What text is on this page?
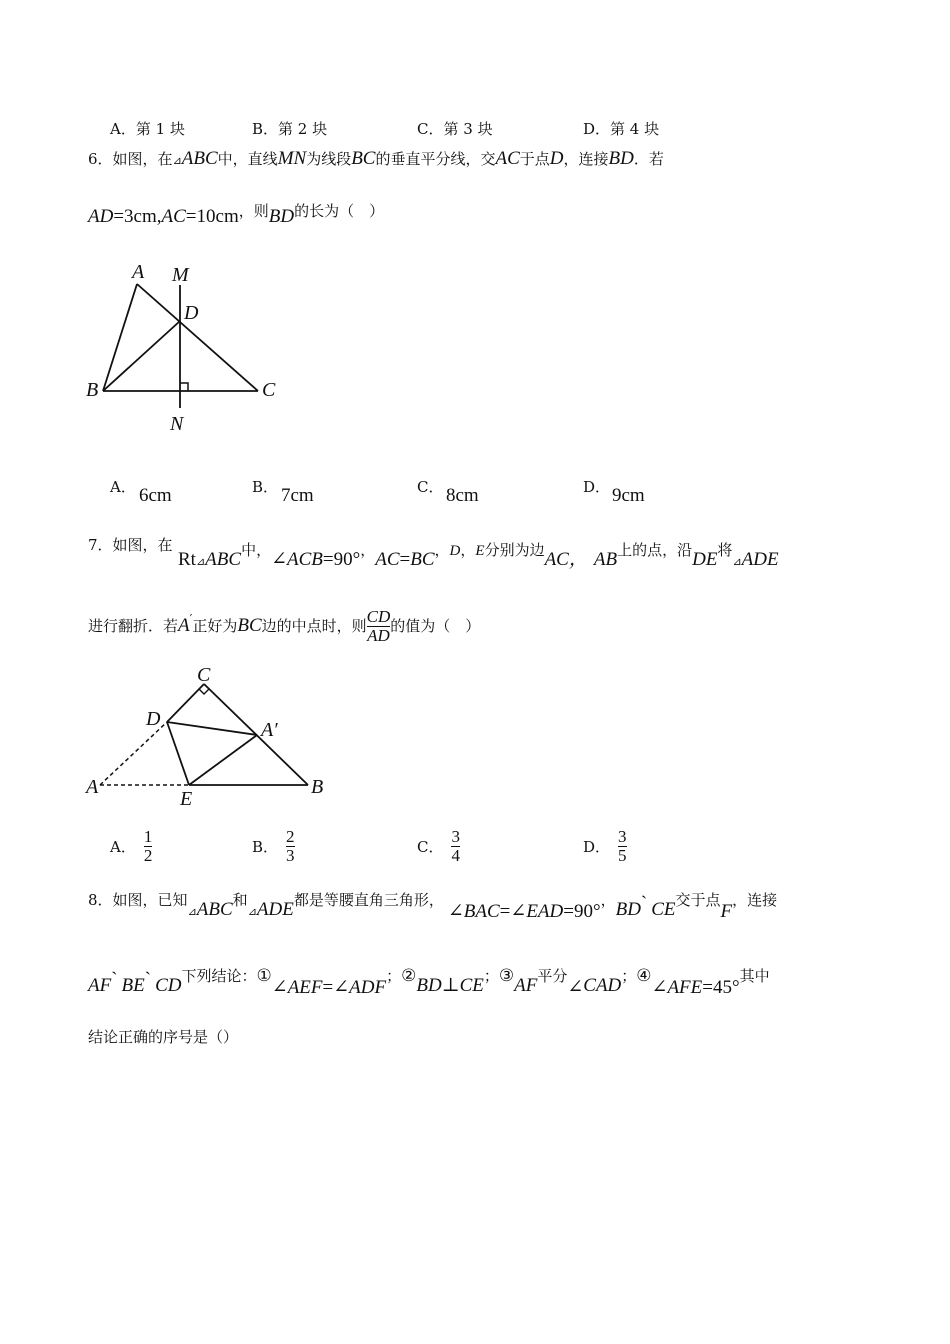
A．第 1 块	B．第 2 块	C．第 3 块	D．第 4 块
6．如图，在⊿ABC中，直线MN为线段BC的垂直平分线，交AC于点D，连接BD．若
AD=3cm,AC=10cm，则BD的长为（　）
A M
D
B	C
N
A． 6cm	B． 7cm	C． 8cm	D． 9cm
7．如图，在
Rt⊿ABC中，∠ACB=90°，AC=BC，D，E分别为边AC， AB上的点，沿DE将⊿ADE
进行翻折．若A′正好为BC边的中点时，则 $\frac{CD}{AD}$ 的值为（　）
C
D	A′
A
E
B
A． $\frac{1}{2}$	B． $\frac{2}{3}$	C． $\frac{3}{4}$	D． $\frac{3}{5}$
8．如图，已知$_⊿$ABC和$_⊿$ADE都是等腰直角三角形，∠BAC=∠EAD=90°，BD` CE交于点F，连接
AF` BE` CD下列结论：①∠AEF=∠ADF；②BD⊥CE；③AF平分∠CAD；④∠AFE=45°其中
结论正确的序号是（）
